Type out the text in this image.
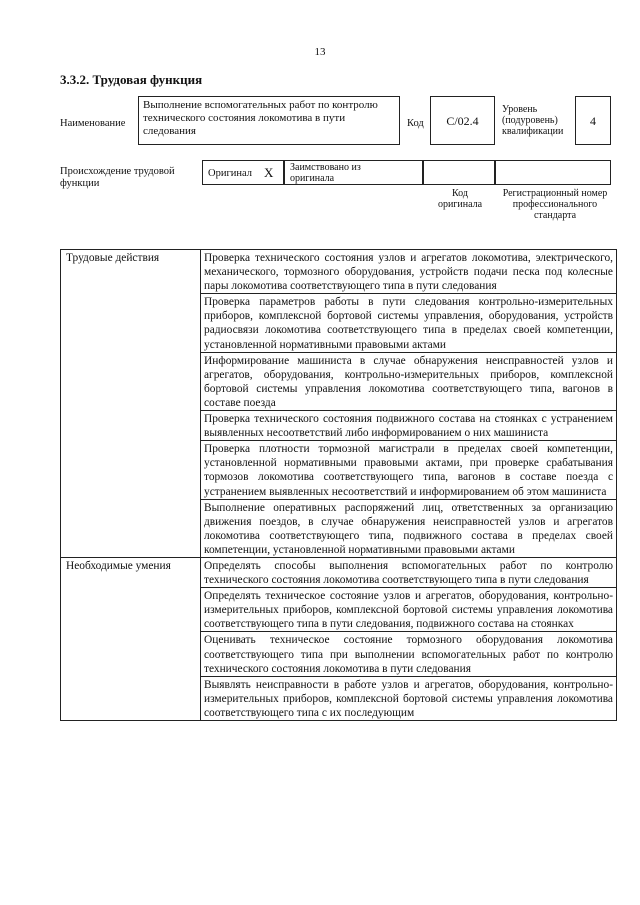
13
3.3.2. Трудовая функция
Наименование
Выполнение вспомогательных работ по контролю технического состояния локомотива в пути следования
Код	C/02.4
Уровень (подуровень) квалификации
4
Происхождение трудовой функции
Оригинал X Заимствовано из оригинала
Код оригинала
Регистрационный номер профессионального стандарта
Трудовые действия	Проверка технического состояния узлов и агрегатов локомотива, электрического, механического, тормозного оборудования, устройств подачи песка под колесные пары локомотива соответствующего типа в пути следования
	Проверка параметров работы в пути следования контрольно-измерительных приборов, комплексной бортовой системы управления, оборудования, устройств радиосвязи локомотива соответствующего типа в пределах своей компетенции, установленной нормативными правовыми актами
	Информирование машиниста в случае обнаружения неисправностей узлов и агрегатов, оборудования, контрольно-измерительных приборов, комплексной бортовой системы управления локомотива соответствующего типа, вагонов в составе поезда
	Проверка технического состояния подвижного состава на стоянках с устранением выявленных несоответствий либо информированием о них машиниста
	Проверка плотности тормозной магистрали в пределах своей компетенции, установленной нормативными правовыми актами, при проверке срабатывания тормозов локомотива соответствующего типа, вагонов в составе поезда с устранением выявленных несоответствий и информированием об этом машиниста
	Выполнение оперативных распоряжений лиц, ответственных за организацию движения поездов, в случае обнаружения неисправностей узлов и агрегатов локомотива соответствующего типа, подвижного состава в пределах своей компетенции, установленной нормативными правовыми актами
Необходимые умения	Определять способы выполнения вспомогательных работ по контролю технического состояния локомотива соответствующего типа в пути следования
	Определять техническое состояние узлов и агрегатов, оборудования, контрольно-измерительных приборов, комплексной бортовой системы управления локомотива соответствующего типа в пути следования, подвижного состава на стоянках
	Оценивать техническое состояние тормозного оборудования локомотива соответствующего типа при выполнении вспомогательных работ по контролю технического состояния локомотива в пути следования
	Выявлять неисправности в работе узлов и агрегатов, оборудования, контрольно-измерительных приборов, комплексной бортовой системы управления локомотива соответствующего типа с их последующим
